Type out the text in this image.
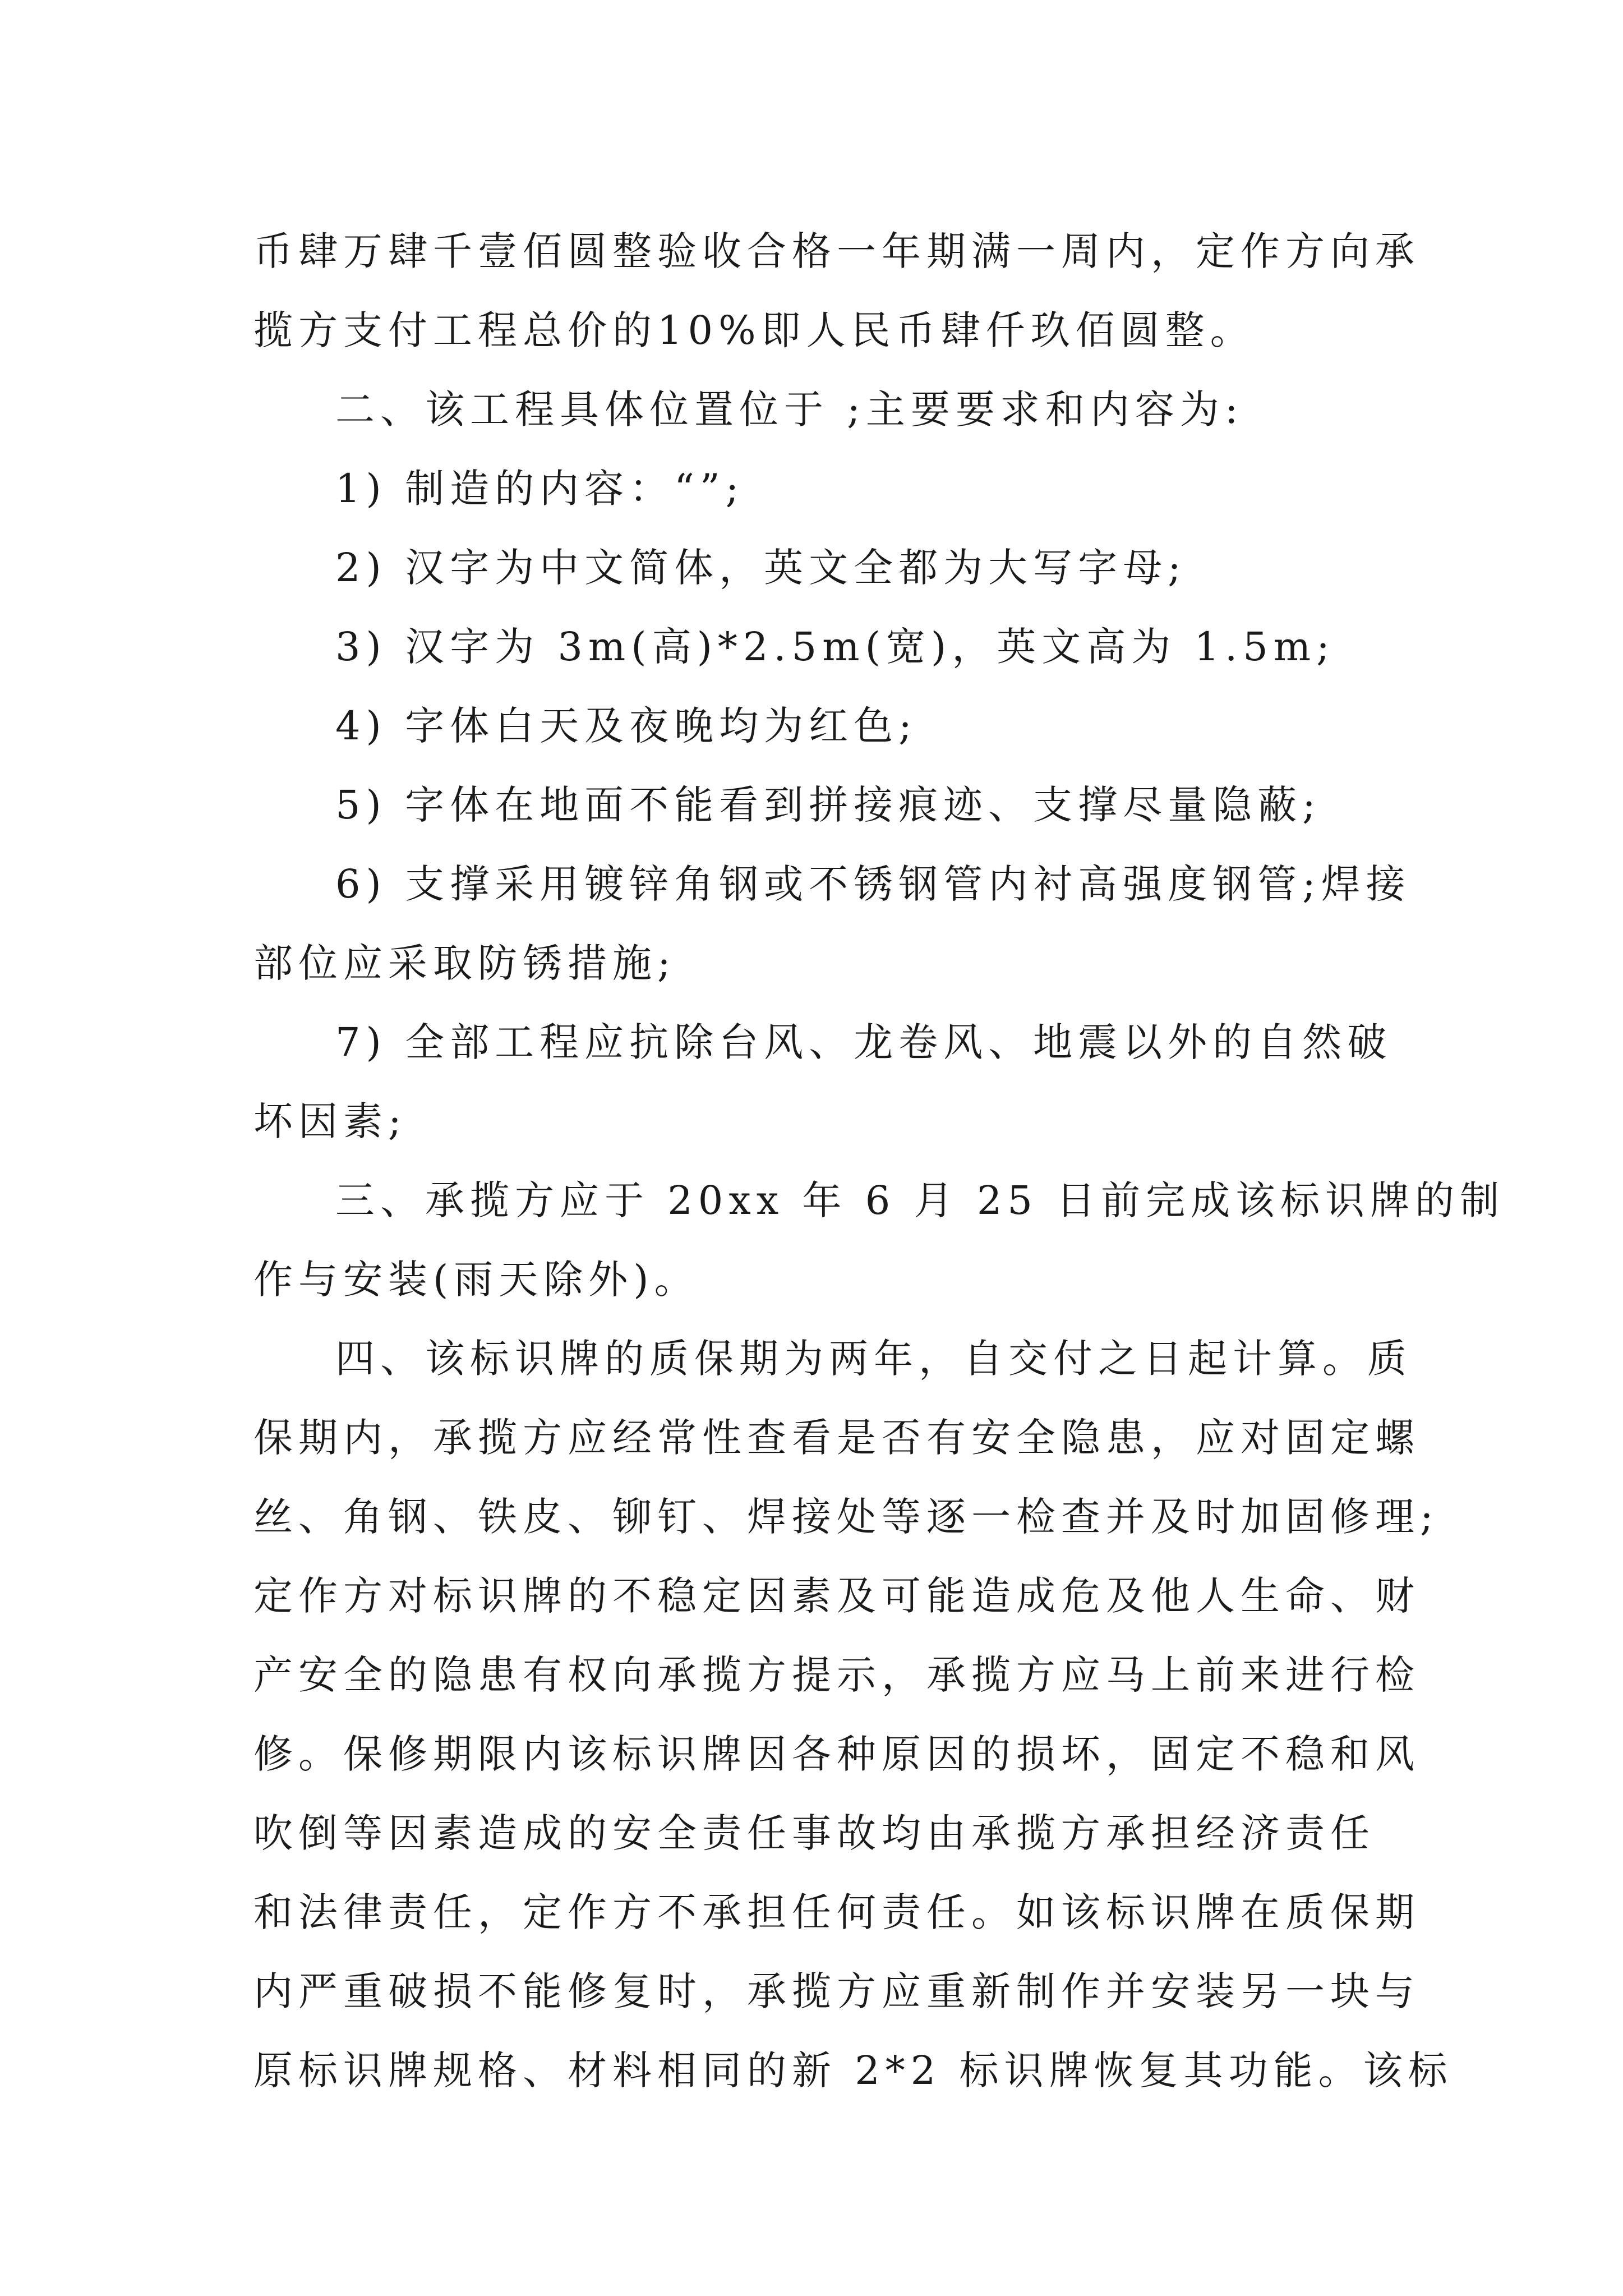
币肆万肆千壹佰圆整验收合格一年期满一周内，定作方向承
揽方支付工程总价的10%即人民币肆仟玖佰圆整。
二、该工程具体位置位于 ;主要要求和内容为:
1) 制造的内容：“”;
2) 汉字为中文简体，英文全都为大写字母;
3) 汉字为 3m(高)*2.5m(宽)，英文高为 1.5m;
4) 字体白天及夜晚均为红色;
5) 字体在地面不能看到拼接痕迹、支撑尽量隐蔽;
6) 支撑采用镀锌角钢或不锈钢管内衬高强度钢管;焊接
部位应采取防锈措施;
7) 全部工程应抗除台风、龙卷风、地震以外的自然破
坏因素;
三、承揽方应于 20xx 年 6 月 25 日前完成该标识牌的制
作与安装(雨天除外)。
四、该标识牌的质保期为两年，自交付之日起计算。质
保期内，承揽方应经常性查看是否有安全隐患，应对固定螺
丝、角钢、铁皮、铆钉、焊接处等逐一检查并及时加固修理;
定作方对标识牌的不稳定因素及可能造成危及他人生命、财
产安全的隐患有权向承揽方提示，承揽方应马上前来进行检
修。保修期限内该标识牌因各种原因的损坏，固定不稳和风
吹倒等因素造成的安全责任事故均由承揽方承担经济责任
和法律责任，定作方不承担任何责任。如该标识牌在质保期
内严重破损不能修复时，承揽方应重新制作并安装另一块与
原标识牌规格、材料相同的新 2*2 标识牌恢复其功能。该标
